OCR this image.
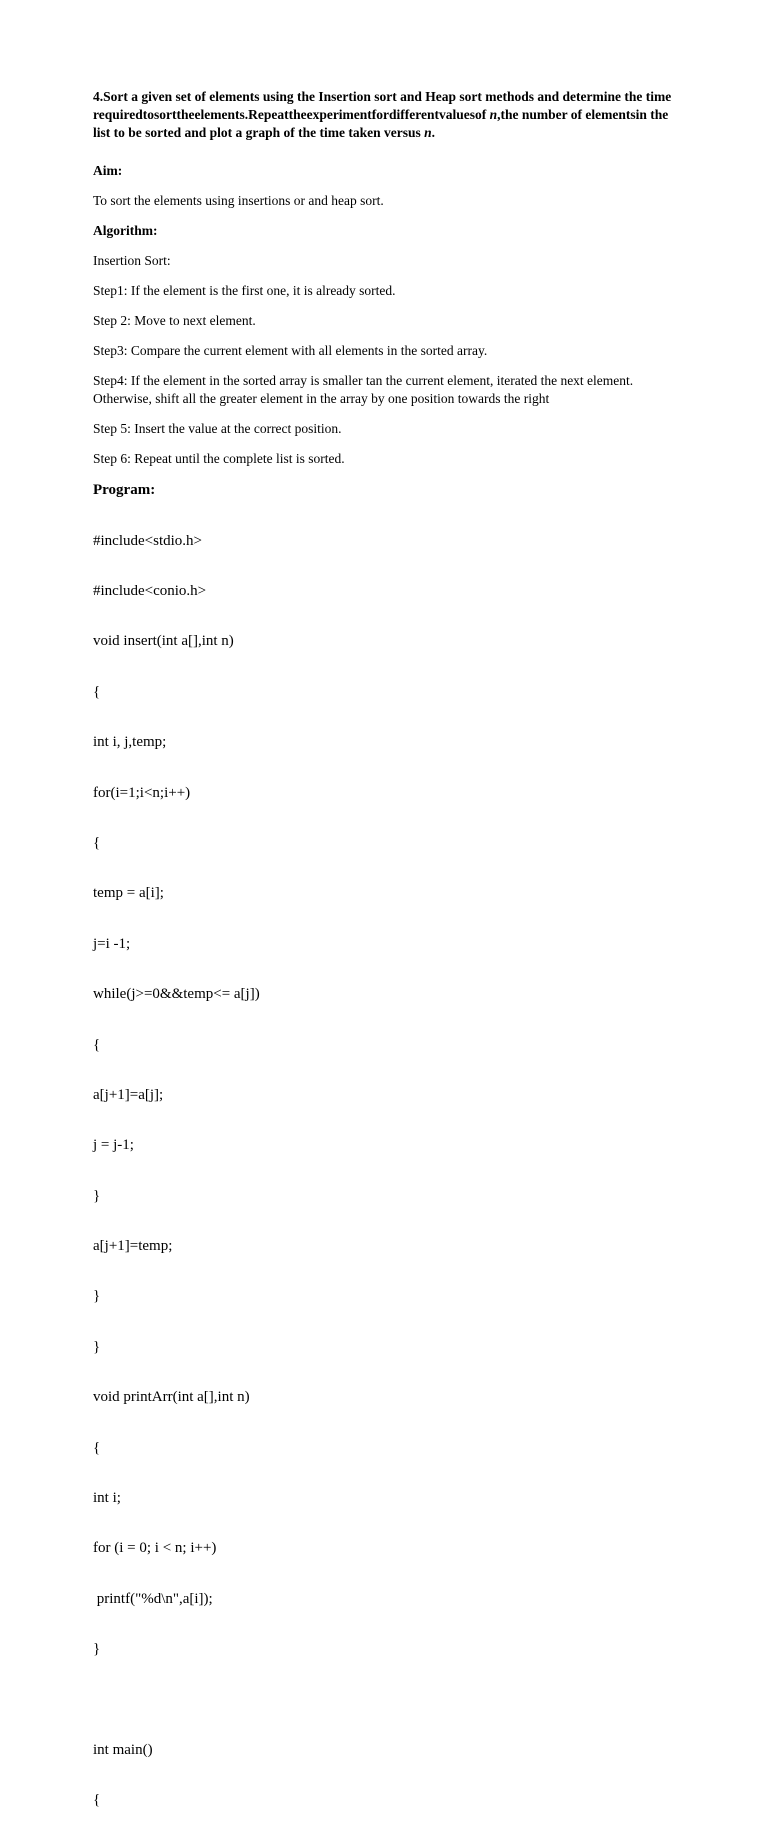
4.Sort a given set of elements using the Insertion sort and Heap sort methods and determine the time requiredtosorttheelements.Repeattheexperimentfordifferentvaluesof n,the number of elementsin the list to be sorted and plot a graph of the time taken versus n.

Aim:

To sort the elements using insertions or and heap sort.

Algorithm:

Insertion Sort:

Step1: If the element is the first one, it is already sorted.

Step 2: Move to next element.

Step3: Compare the current element with all elements in the sorted array.

Step4: If the element in the sorted array is smaller tan the current element, iterated the next element. Otherwise, shift all the greater element in the array by one position towards the right

Step 5: Insert the value at the correct position.

Step 6: Repeat until the complete list is sorted.

Program:

#include<stdio.h>

#include<conio.h>

void insert(int a[],int n)

{

int i, j,temp;

for(i=1;i<n;i++)

{

temp = a[i];

j=i -1;

while(j>=0&&temp<= a[j])

{

a[j+1]=a[j];

j = j-1;

}

a[j+1]=temp;

}

}

void printArr(int a[],int n)

{

int i;

for (i = 0; i < n; i++)

printf("%d\n",a[i]);

}

int main()

{
